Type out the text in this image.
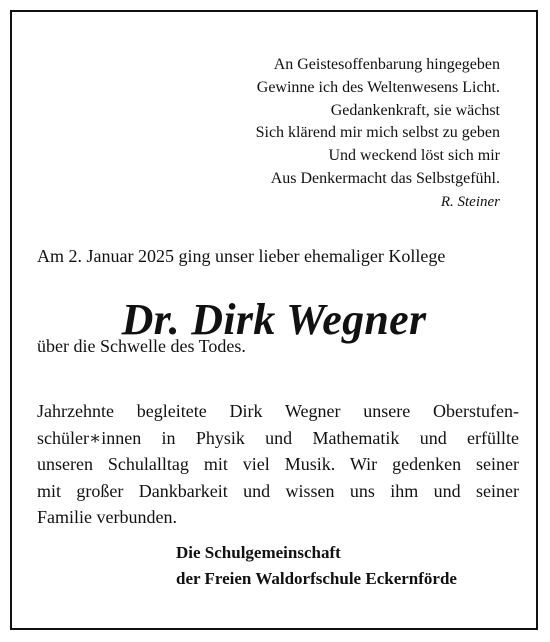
An Geistesoffenbarung hingegeben
Gewinne ich des Weltenwesens Licht.
Gedankenkraft, sie wächst
Sich klärend mir mich selbst zu geben
Und weckend löst sich mir
Aus Denkermacht das Selbstgefühl.
R. Steiner

Am 2. Januar 2025 ging unser lieber ehemaliger Kollege

Dr. Dirk Wegner

über die Schwelle des Todes.

Jahrzehnte begleitete Dirk Wegner unsere Oberstufen-
schüler∗innen in Physik und Mathematik und erfüllte
unseren Schulalltag mit viel Musik. Wir gedenken seiner
mit großer Dankbarkeit und wissen uns ihm und seiner
Familie verbunden.
Die Schulgemeinschaft
der Freien Waldorfschule Eckernförde
